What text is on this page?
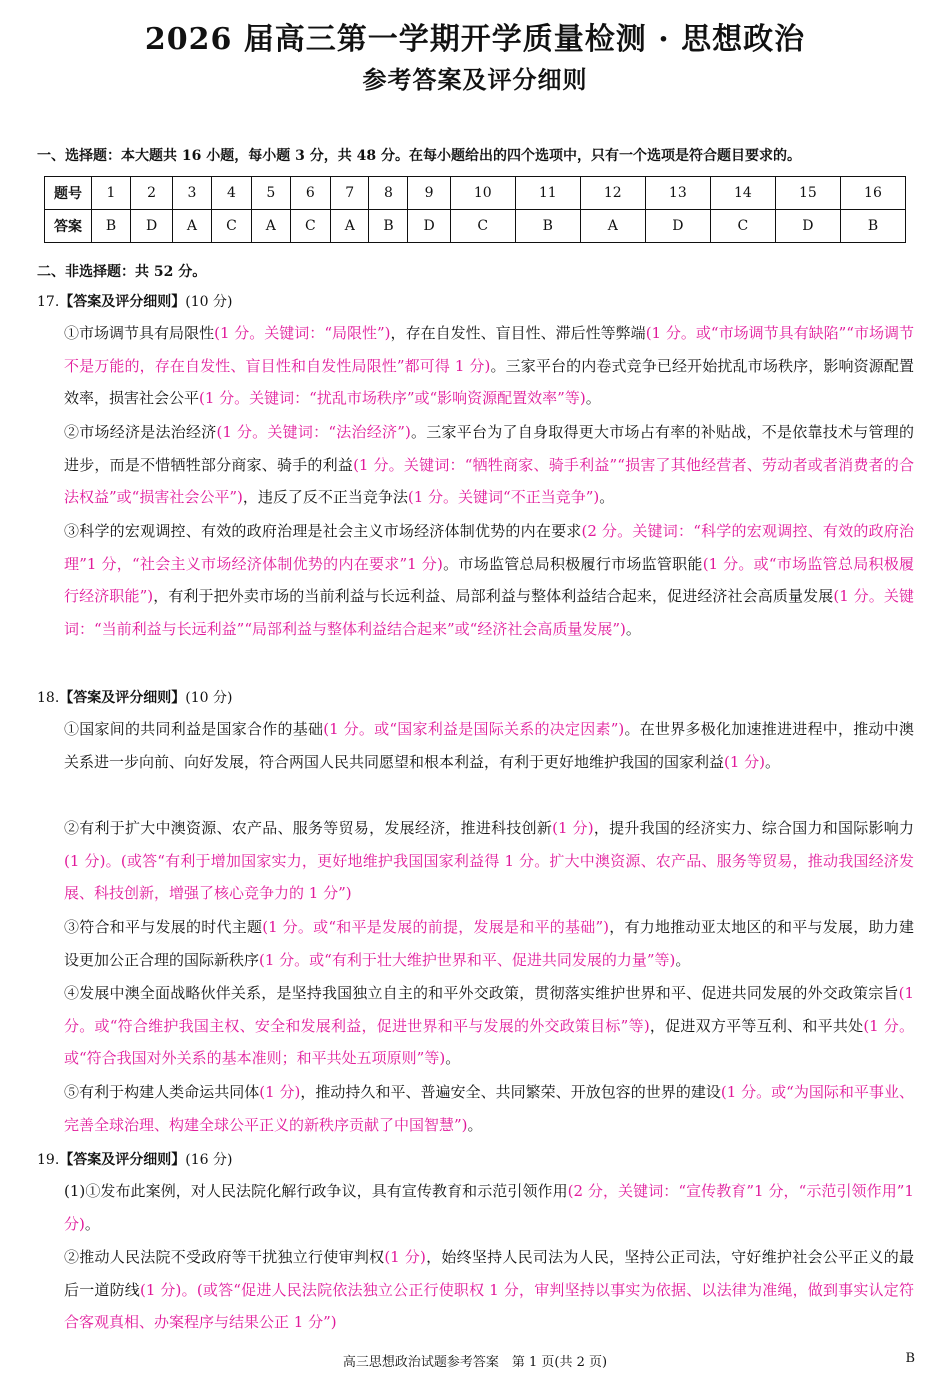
2026 届高三第一学期开学质量检测 · 思想政治
参考答案及评分细则
一、选择题：本大题共 16 小题，每小题 3 分，共 48 分。在每小题给出的四个选项中，只有一个选项是符合题目要求的。
题号	1	2	3	4	5	6	7	8	9	10	11	12	13	14	15	16
答案	B	D	A	C	A	C	A	B	D	C	B	A	D	C	D	B
二、非选择题：共 52 分。
17.【答案及评分细则】(10 分)
①市场调节具有局限性(1 分。关键词：“局限性”)，存在自发性、盲目性、滞后性等弊端(1 分。或“市场调节具有缺陷”“市场调节不是万能的，存在自发性、盲目性和自发性局限性”都可得 1 分)。三家平台的内卷式竞争已经开始扰乱市场秩序，影响资源配置效率，损害社会公平(1 分。关键词：“扰乱市场秩序”或“影响资源配置效率”等)。
②市场经济是法治经济(1 分。关键词：“法治经济”)。三家平台为了自身取得更大市场占有率的补贴战，不是依靠技术与管理的进步，而是不惜牺牲部分商家、骑手的利益(1 分。关键词：“牺牲商家、骑手利益”“损害了其他经营者、劳动者或者消费者的合法权益”或“损害社会公平”)，违反了反不正当竞争法(1 分。关键词“不正当竞争”)。
③科学的宏观调控、有效的政府治理是社会主义市场经济体制优势的内在要求(2 分。关键词：“科学的宏观调控、有效的政府治理”1 分，“社会主义市场经济体制优势的内在要求”1 分)。市场监管总局积极履行市场监管职能(1 分。或“市场监管总局积极履行经济职能”)，有利于把外卖市场的当前利益与长远利益、局部利益与整体利益结合起来，促进经济社会高质量发展(1 分。关键词：“当前利益与长远利益”“局部利益与整体利益结合起来”或“经济社会高质量发展”)。
18.【答案及评分细则】(10 分)
①国家间的共同利益是国家合作的基础(1 分。或“国家利益是国际关系的决定因素”)。在世界多极化加速推进进程中，推动中澳关系进一步向前、向好发展，符合两国人民共同愿望和根本利益，有利于更好地维护我国的国家利益(1 分)。
②有利于扩大中澳资源、农产品、服务等贸易，发展经济，推进科技创新(1 分)，提升我国的经济实力、综合国力和国际影响力(1 分)。(或答“有利于增加国家实力，更好地维护我国国家利益得 1 分。扩大中澳资源、农产品、服务等贸易，推动我国经济发展、科技创新，增强了核心竞争力的 1 分”)
③符合和平与发展的时代主题(1 分。或“和平是发展的前提，发展是和平的基础”)，有力地推动亚太地区的和平与发展，助力建设更加公正合理的国际新秩序(1 分。或“有利于壮大维护世界和平、促进共同发展的力量”等)。
④发展中澳全面战略伙伴关系，是坚持我国独立自主的和平外交政策，贯彻落实维护世界和平、促进共同发展的外交政策宗旨(1 分。或“符合维护我国主权、安全和发展利益，促进世界和平与发展的外交政策目标”等)，促进双方平等互利、和平共处(1 分。或“符合我国对外关系的基本准则；和平共处五项原则”等)。
⑤有利于构建人类命运共同体(1 分)，推动持久和平、普遍安全、共同繁荣、开放包容的世界的建设(1 分。或“为国际和平事业、完善全球治理、构建全球公平正义的新秩序贡献了中国智慧”)。
19.【答案及评分细则】(16 分)
(1)①发布此案例，对人民法院化解行政争议，具有宣传教育和示范引领作用(2 分，关键词：“宣传教育”1 分，“示范引领作用”1 分)。
②推动人民法院不受政府等干扰独立行使审判权(1 分)，始终坚持人民司法为人民，坚持公正司法，守好维护社会公平正义的最后一道防线(1 分)。(或答“促进人民法院依法独立公正行使职权 1 分，审判坚持以事实为依据、以法律为准绳，做到事实认定符合客观真相、办案程序与结果公正 1 分”)
高三思想政治试题参考答案　第 1 页(共 2 页)	B
